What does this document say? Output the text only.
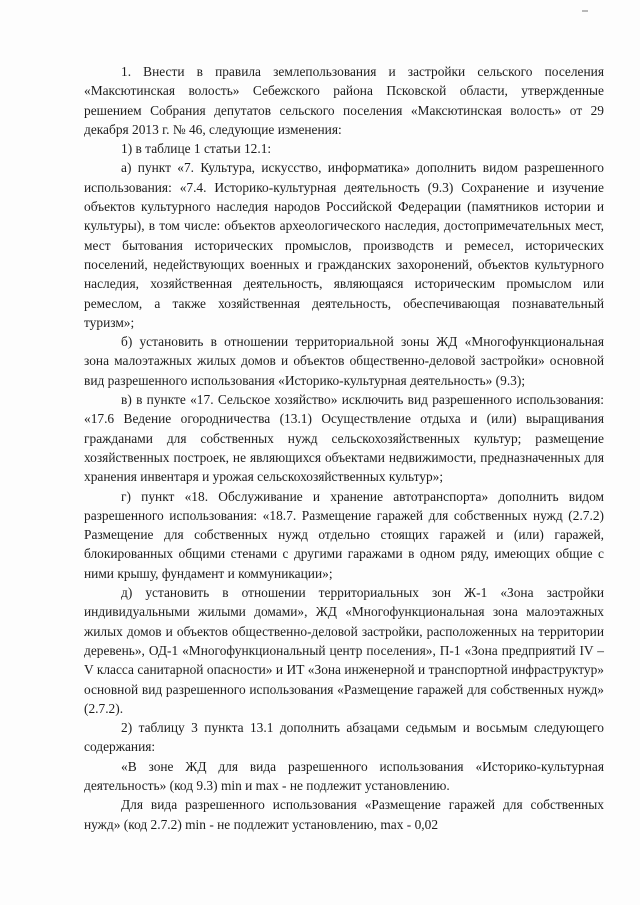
1. Внести в правила землепользования и застройки сельского поселения «Максютинская волость» Себежского района Псковской области, утвержденные решением Собрания депутатов сельского поселения «Максютинская волость» от 29 декабря 2013 г. № 46, следующие изменения:

1) в таблице 1 статьи 12.1:

а) пункт «7. Культура, искусство, информатика» дополнить видом разрешенного использования: «7.4. Историко-культурная деятельность (9.3) Сохранение и изучение объектов культурного наследия народов Российской Федерации (памятников истории и культуры), в том числе: объектов археологического наследия, достопримечательных мест, мест бытования исторических промыслов, производств и ремесел, исторических поселений, недействующих военных и гражданских захоронений, объектов культурного наследия, хозяйственная деятельность, являющаяся историческим промыслом или ремеслом, а также хозяйственная деятельность, обеспечивающая познавательный туризм»;

б) установить в отношении территориальной зоны ЖД «Многофункциональная зона малоэтажных жилых домов и объектов общественно-деловой застройки» основной вид разрешенного использования «Историко-культурная деятельность» (9.3);

в) в пункте «17. Сельское хозяйство» исключить вид разрешенного использования: «17.6 Ведение огородничества (13.1) Осуществление отдыха и (или) выращивания гражданами для собственных нужд сельскохозяйственных культур; размещение хозяйственных построек, не являющихся объектами недвижимости, предназначенных для хранения инвентаря и урожая сельскохозяйственных культур»;

г) пункт «18. Обслуживание и хранение автотранспорта» дополнить видом разрешенного использования: «18.7. Размещение гаражей для собственных нужд (2.7.2) Размещение для собственных нужд отдельно стоящих гаражей и (или) гаражей, блокированных общими стенами с другими гаражами в одном ряду, имеющих общие с ними крышу, фундамент и коммуникации»;

д) установить в отношении территориальных зон Ж-1 «Зона застройки индивидуальными жилыми домами», ЖД «Многофункциональная зона малоэтажных жилых домов и объектов общественно-деловой застройки, расположенных на территории деревень», ОД-1 «Многофункциональный центр поселения», П-1 «Зона предприятий IV – V класса санитарной опасности» и ИТ «Зона инженерной и транспортной инфраструктур» основной вид разрешенного использования «Размещение гаражей для собственных нужд» (2.7.2).

2) таблицу 3 пункта 13.1 дополнить абзацами седьмым и восьмым следующего содержания:

«В зоне ЖД для вида разрешенного использования «Историко-культурная деятельность» (код 9.3) min и max - не подлежит установлению.

Для вида разрешенного использования «Размещение гаражей для собственных нужд» (код 2.7.2) min - не подлежит установлению, max - 0,02
